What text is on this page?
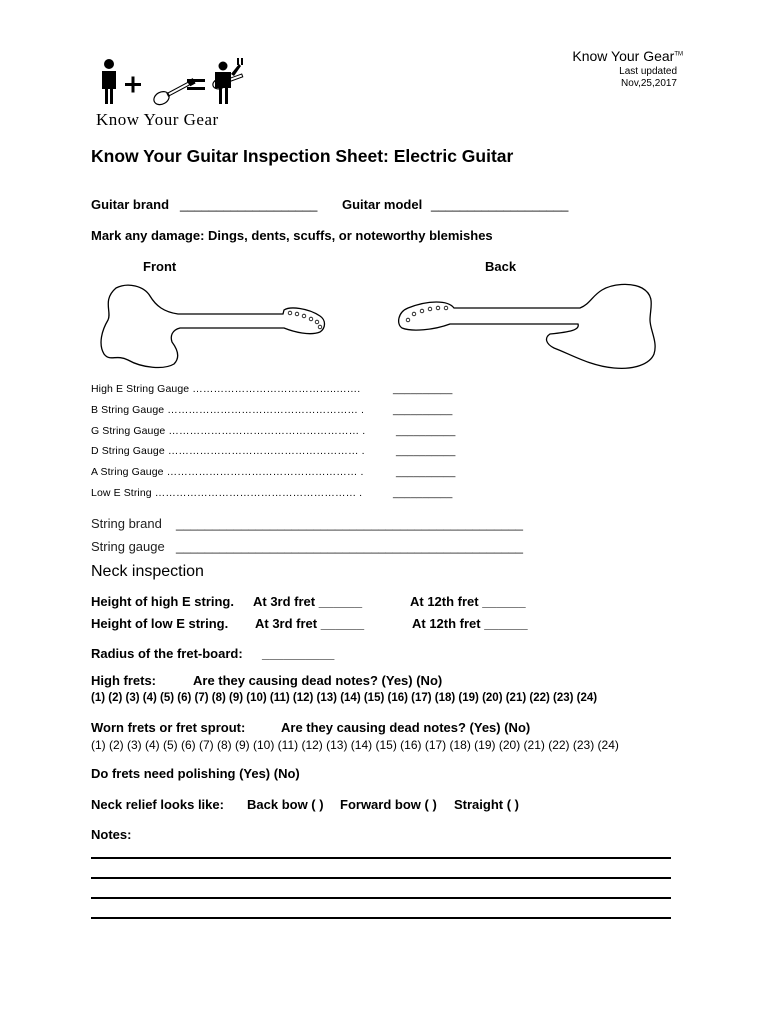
Know Your Gear
Know Your Gear™
Last updated
Nov,25,2017
Know Your Guitar Inspection Sheet: Electric Guitar
Guitar brand ___________________ Guitar model ___________________
Mark any damage: Dings, dents, scuffs, or noteworthy blemishes
Front	Back
High E String Gauge …………………………………..…….	__________
B String Gauge ……………………………………………… .	__________
G String Gauge ……………………………………………… .	__________
D String Gauge ……………………………………………… .	__________
A String Gauge ……………………………………………… .	__________
Low E String ………………………………………………… .	__________
String brand ________________________________________________
String gauge ________________________________________________
Neck inspection
Height of high E string. At 3rd fret ______	At 12th fret ______
Height of low E string. At 3rd fret ______	At 12th fret ______
Radius of the fret-board: __________
High frets:	Are they causing dead notes? (Yes) (No)
(1) (2) (3) (4) (5) (6) (7) (8) (9) (10) (11) (12) (13) (14) (15) (16) (17) (18) (19) (20) (21) (22) (23) (24)
Worn frets or fret sprout:	Are they causing dead notes? (Yes) (No)
(1) (2) (3) (4) (5) (6) (7) (8) (9) (10) (11) (12) (13) (14) (15) (16) (17) (18) (19) (20) (21) (22) (23) (24)
Do frets need polishing (Yes) (No)
Neck relief looks like: Back bow ( ) Forward bow ( ) Straight ( )
Notes:
